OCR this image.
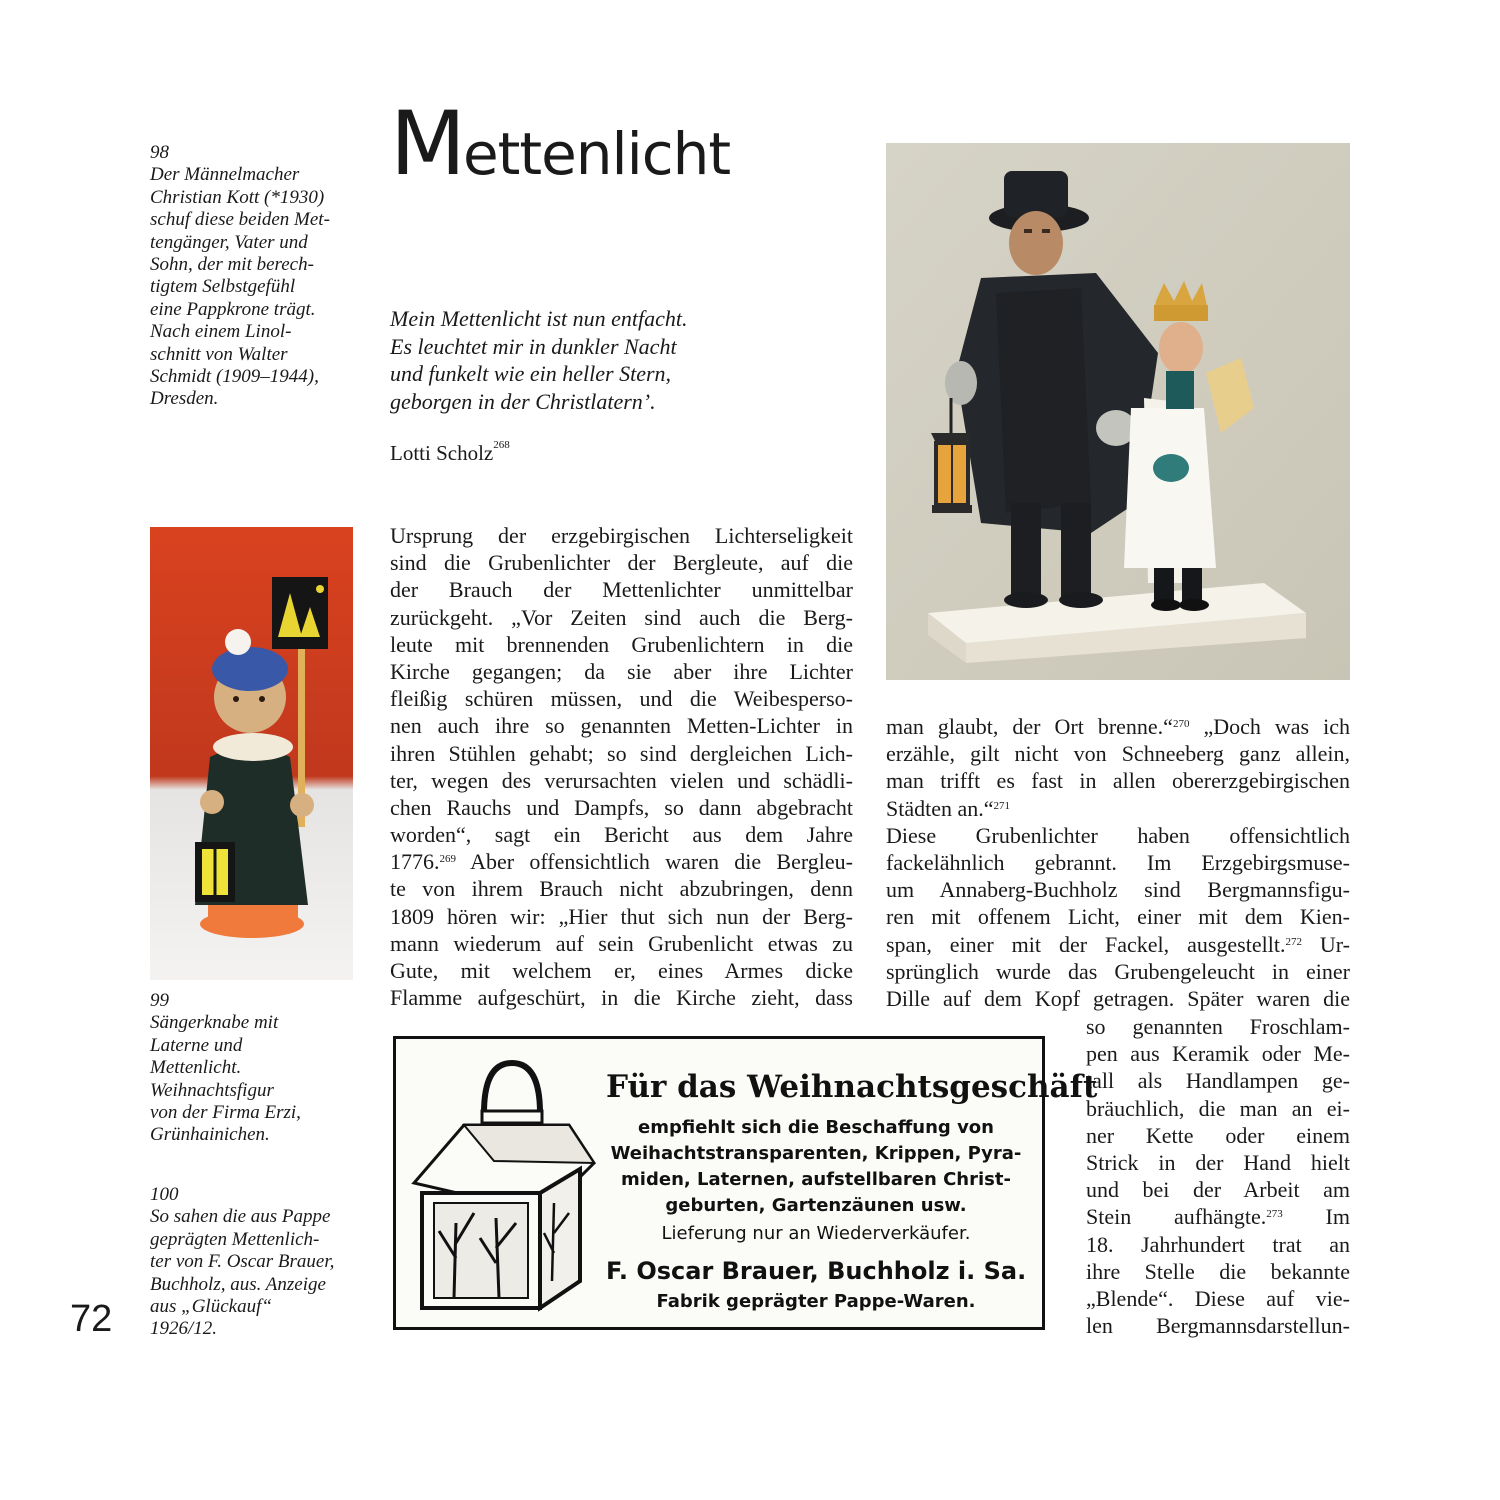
98
Der Männelmacher
Christian Kott (*1930)
schuf diese beiden Met-
tengänger, Vater und
Sohn, der mit berech-
tigtem Selbstgefühl
eine Pappkrone trägt.
Nach einem Linol-
schnitt von Walter
Schmidt (1909–1944),
Dresden.
99
Sängerknabe mit
Laterne und
Mettenlicht.
Weihnachtsfigur
von der Firma Erzi,
Grünhainichen.
100
So sahen die aus Pappe
geprägten Mettenlich-
ter von F. Oscar Brauer,
Buchholz, aus. Anzeige
aus „Glückauf“
1926/12.
Mettenlicht
Mein Mettenlicht ist nun entfacht.
Es leuchtet mir in dunkler Nacht
und funkelt wie ein heller Stern,
geborgen in der Christlatern’.
Lotti Scholz$^{268}$
72
Ursprung der erzgebirgischen Lichterseligkeit
sind die Grubenlichter der Bergleute, auf die
der Brauch der Mettenlichter unmittelbar
zurückgeht. „Vor Zeiten sind auch die Berg-
leute mit brennenden Grubenlichtern in die
Kirche gegangen; da sie aber ihre Lichter
fleißig schüren müssen, und die Weibesperso-
nen auch ihre so genannten Metten-Lichter in
ihren Stühlen gehabt; so sind dergleichen Lich-
ter, wegen des verursachten vielen und schädli-
chen Rauchs und Dampfs, so dann abgebracht
worden“, sagt ein Bericht aus dem Jahre
1776.$^{269}$ Aber offensichtlich waren die Bergleu-
te von ihrem Brauch nicht abzubringen, denn
1809 hören wir: „Hier thut sich nun der Berg-
mann wiederum auf sein Grubenlicht etwas zu
Gute, mit welchem er, eines Armes dicke
Flamme aufgeschürt, in die Kirche zieht, dass
man glaubt, der Ort brenne.“$^{270}$ „Doch was ich
erzähle, gilt nicht von Schneeberg ganz allein,
man trifft es fast in allen obererzgebirgischen
Städten an.“$^{271}$
Diese Grubenlichter haben offensichtlich
fackelähnlich gebrannt. Im Erzgebirgsmuse-
um Annaberg-Buchholz sind Bergmannsfigu-
ren mit offenem Licht, einer mit dem Kien-
span, einer mit der Fackel, ausgestellt.$^{272}$ Ur-
sprünglich wurde das Grubengeleucht in einer
Dille auf dem Kopf getragen. Später waren die
so genannten Froschlam-
pen aus Keramik oder Me-
tall als Handlampen ge-
bräuchlich, die man an ei-
ner Kette oder einem
Strick in der Hand hielt
und bei der Arbeit am
Stein aufhängte.$^{273}$ Im
18. Jahrhundert trat an
ihre Stelle die bekannte
„Blende“. Diese auf vie-
len Bergmannsdarstellun-
Für das Weihnachtsgeschäft
empfiehlt sich die Beschaffung von
Weihachtstransparenten, Krippen, Pyra-
miden, Laternen, aufstellbaren Christ-
geburten, Gartenzäunen usw.
Lieferung nur an Wiederverkäufer.
F. Oscar Brauer, Buchholz i. Sa.
Fabrik geprägter Pappe-Waren.
